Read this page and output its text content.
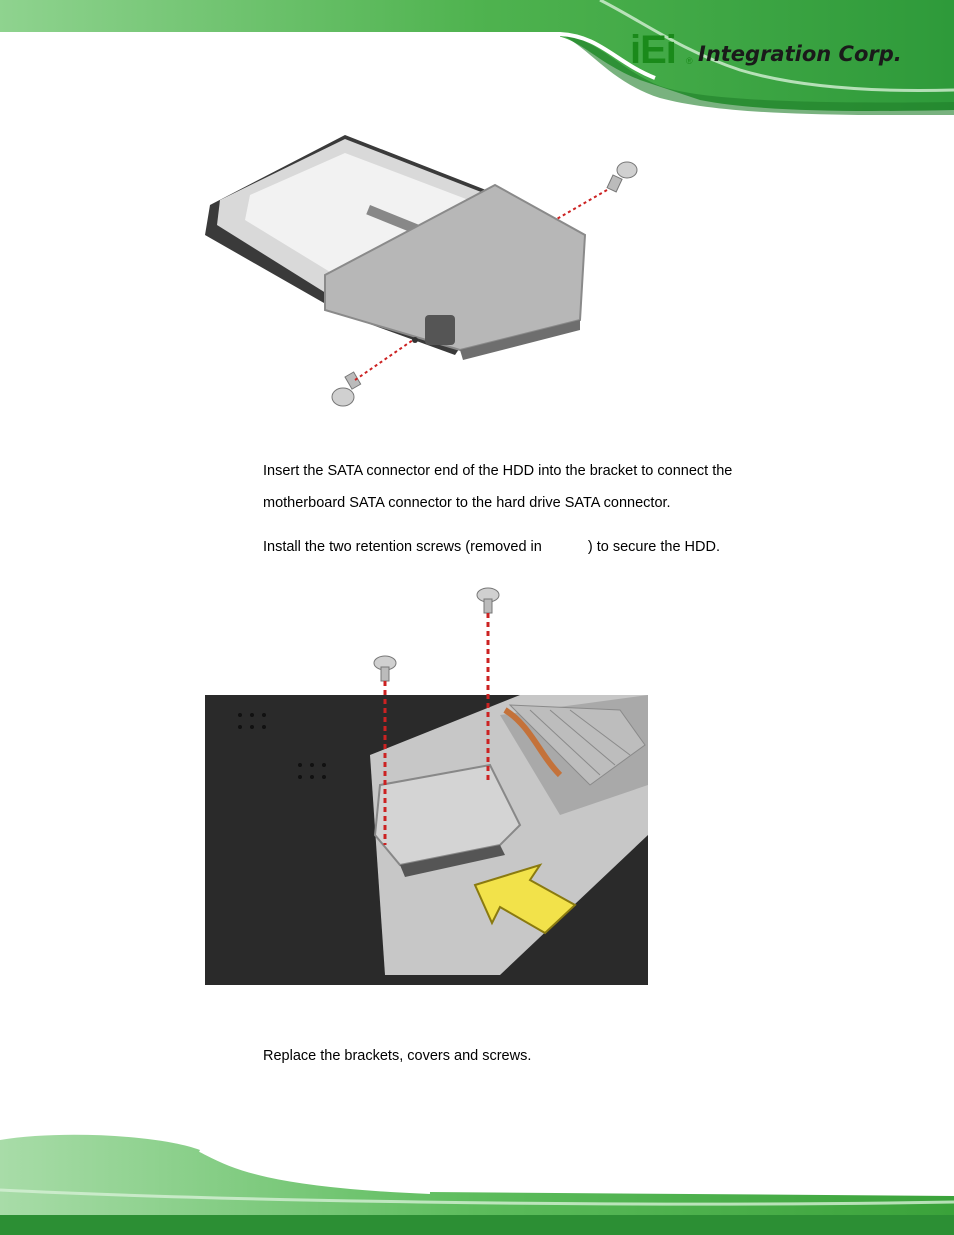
iEi ® Integration Corp.
Insert the SATA connector end of the HDD into the bracket to connect the
motherboard SATA connector to the hard drive SATA connector.
Install the two retention screws (removed in	) to secure the HDD.
Replace the brackets, covers and screws.
